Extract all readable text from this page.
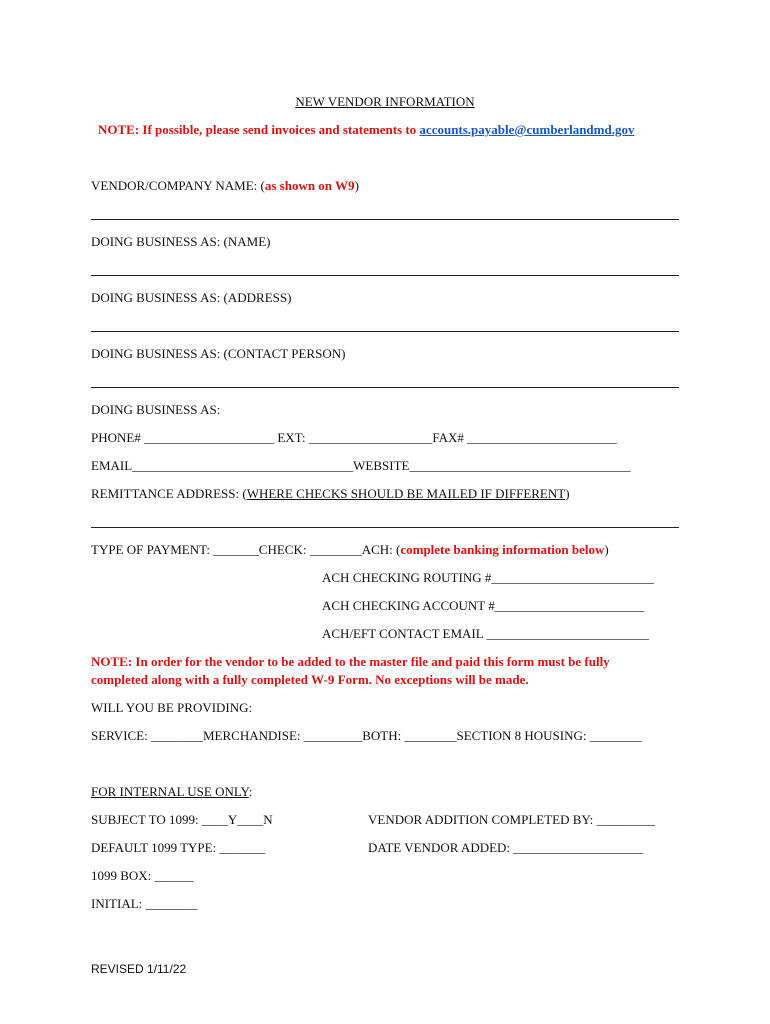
NEW VENDOR INFORMATION
NOTE: If possible, please send invoices and statements to accounts.payable@cumberlandmd.gov
VENDOR/COMPANY NAME: (as shown on W9)
DOING BUSINESS AS: (NAME)
DOING BUSINESS AS: (ADDRESS)
DOING BUSINESS AS: (CONTACT PERSON)
DOING BUSINESS AS:
PHONE# ____________________ EXT: ___________________FAX# _______________________
EMAIL__________________________________WEBSITE__________________________________
REMITTANCE ADDRESS: (WHERE CHECKS SHOULD BE MAILED IF DIFFERENT)
TYPE OF PAYMENT: _______CHECK: ________ACH: (complete banking information below)
ACH CHECKING ROUTING #_________________________
ACH CHECKING ACCOUNT #_______________________
ACH/EFT CONTACT EMAIL _________________________
NOTE: In order for the vendor to be added to the master file and paid this form must be fully
completed along with a fully completed W-9 Form. No exceptions will be made.
WILL YOU BE PROVIDING:
SERVICE: ________MERCHANDISE: _________BOTH: ________SECTION 8 HOUSING: ________
FOR INTERNAL USE ONLY:
SUBJECT TO 1099: ____Y____N	VENDOR ADDITION COMPLETED BY: _________
DEFAULT 1099 TYPE: _______	DATE VENDOR ADDED: ____________________
1099 BOX: ______
INITIAL: ________
REVISED 1/11/22
